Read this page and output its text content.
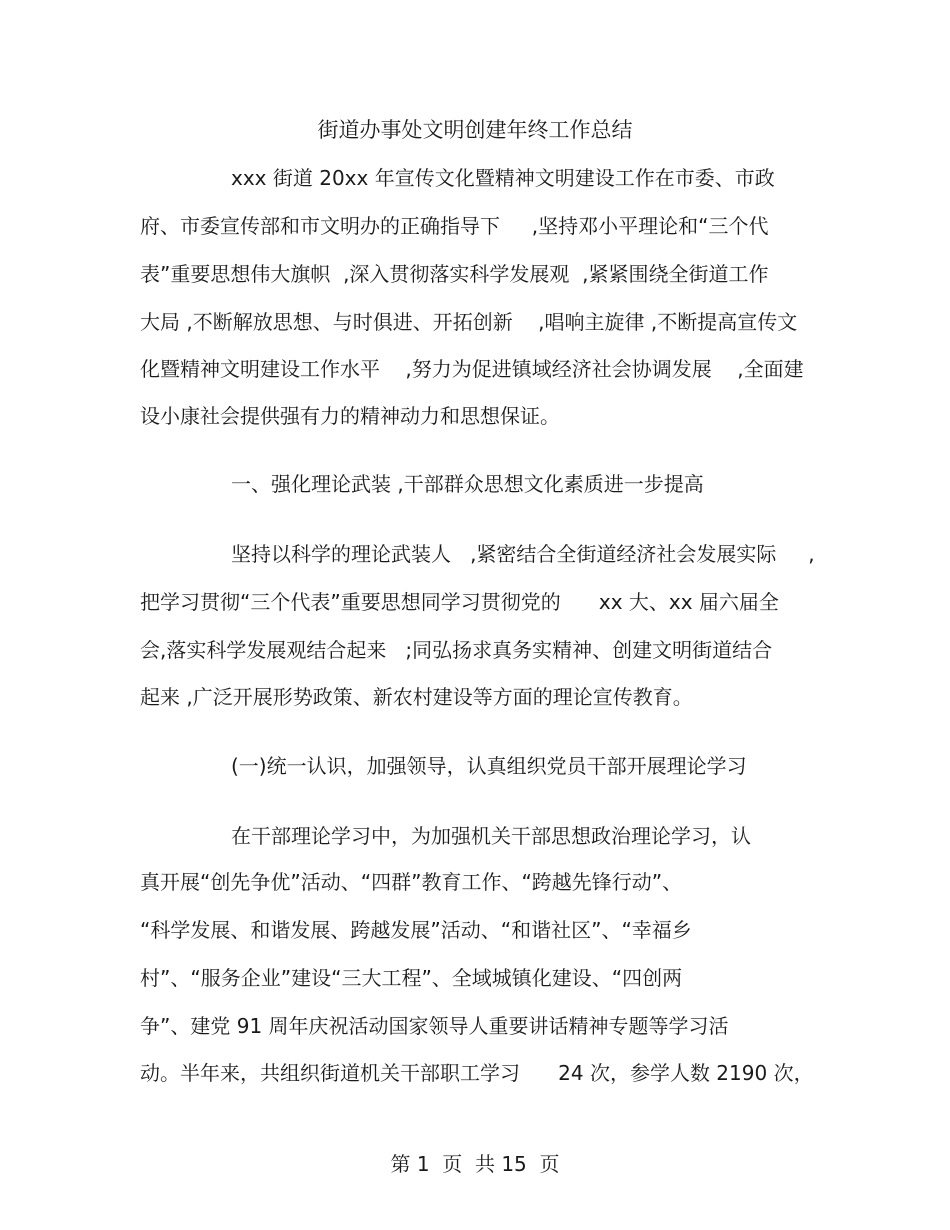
街道办事处文明创建年终工作总结
xxx 街道 20xx 年宣传文化暨精神文明建设工作在市委、市政
府、市委宣传部和市文明办的正确指导下     ,坚持邓小平理论和“三个代
表”重要思想伟大旗帜  ,深入贯彻落实科学发展观  ,紧紧围绕全街道工作
大局 ,不断解放思想、与时俱进、开拓创新    ,唱响主旋律 ,不断提高宣传文
化暨精神文明建设工作水平    ,努力为促进镇域经济社会协调发展    ,全面建
设小康社会提供强有力的精神动力和思想保证。
一、强化理论武装 ,干部群众思想文化素质进一步提高
坚持以科学的理论武装人   ,紧密结合全街道经济社会发展实际     ,
把学习贯彻“三个代表”重要思想同学习贯彻党的      xx 大、xx 届六届全
会,落实科学发展观结合起来   ;同弘扬求真务实精神、创建文明街道结合
起来 ,广泛开展形势政策、新农村建设等方面的理论宣传教育。
(一)统一认识，加强领导，认真组织党员干部开展理论学习
在干部理论学习中，为加强机关干部思想政治理论学习，认
真开展“创先争优”活动、“四群”教育工作、“跨越先锋行动”、
“科学发展、和谐发展、跨越发展”活动、“和谐社区”、“幸福乡
村”、“服务企业”建设“三大工程”、全域城镇化建设、“四创两
争”、建党 91 周年庆祝活动国家领导人重要讲话精神专题等学习活
动。半年来，共组织街道机关干部职工学习      24 次，参学人数 2190 次，
第 1  页  共 15  页
